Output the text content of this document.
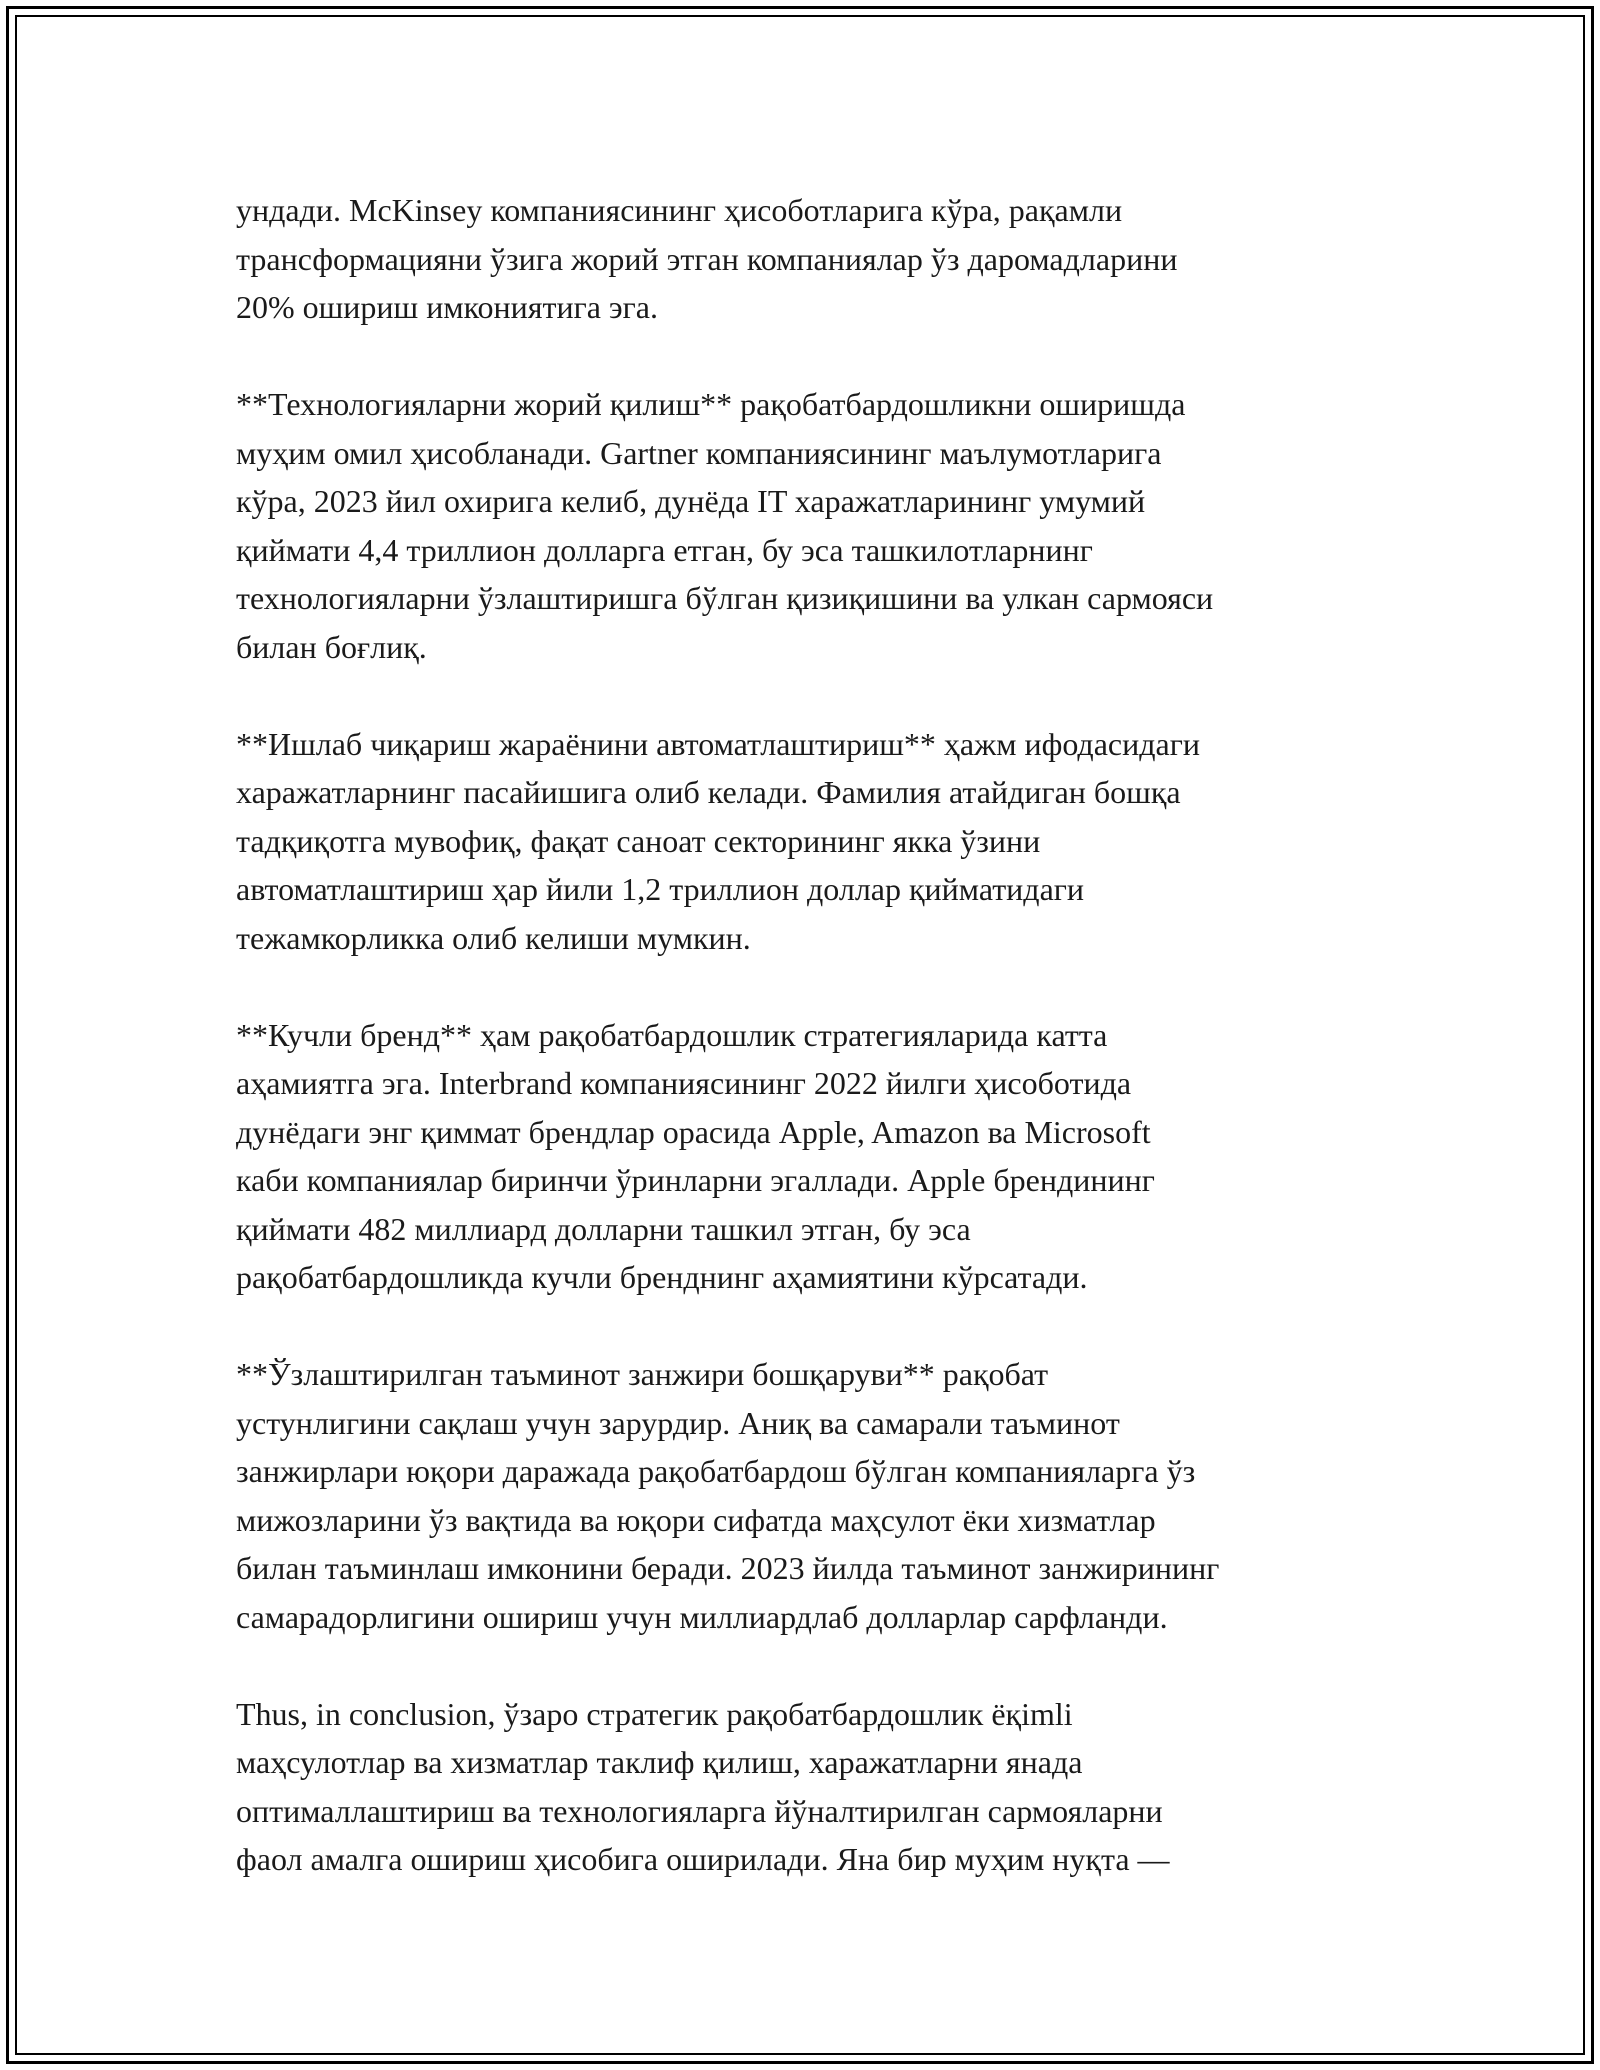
ундади. McKinsey компаниясининг ҳисоботларига кўра, рақамли
трансформацияни ўзига жорий этган компаниялар ўз даромадларини
20% ошириш имкониятига эга.

**Технологияларни жорий қилиш** рақобатбардошликни оширишда
муҳим омил ҳисобланади. Gartner компаниясининг маълумотларига
кўра, 2023 йил охирига келиб, дунёда IT харажатларининг умумий
қиймати 4,4 триллион долларга етган, бу эса ташкилотларнинг
технологияларни ўзлаштиришга бўлган қизиқишини ва улкан сармояси
билан боғлиқ.

**Ишлаб чиқариш жараёнини автоматлаштириш** ҳажм ифодасидаги
харажатларнинг пасайишига олиб келади. Фамилия атайдиган бошқа
тадқиқотга мувофиқ, фақат саноат секторининг якка ўзини
автоматлаштириш ҳар йили 1,2 триллион доллар қийматидаги
тежамкорликка олиб келиши мумкин.

**Кучли бренд** ҳам рақобатбардошлик стратегияларида катта
аҳамиятга эга. Interbrand компаниясининг 2022 йилги ҳисоботида
дунёдаги энг қиммат брендлар орасида Apple, Amazon ва Microsoft
каби компаниялар биринчи ўринларни эгаллади. Apple брендининг
қиймати 482 миллиард долларни ташкил этган, бу эса
рақобатбардошликда кучли бренднинг аҳамиятини кўрсатади.

**Ўзлаштирилган таъминот занжири бошқаруви** рақобат
устунлигини сақлаш учун зарурдир. Аниқ ва самарали таъминот
занжирлари юқори даражада рақобатбардош бўлган компанияларга ўз
мижозларини ўз вақтида ва юқори сифатда маҳсулот ёки хизматлар
билан таъминлаш имконини беради. 2023 йилда таъминот занжирининг
самарадорлигини ошириш учун миллиардлаб долларлар сарфланди.

Thus, in conclusion, ўзаро стратегик рақобатбардошлик ёқimli
маҳсулотлар ва хизматлар таклиф қилиш, харажатларни янада
оптималлаштириш ва технологияларга йўналтирилган сармояларни
фаол амалга ошириш ҳисобига оширилади. Яна бир муҳим нуқта —
